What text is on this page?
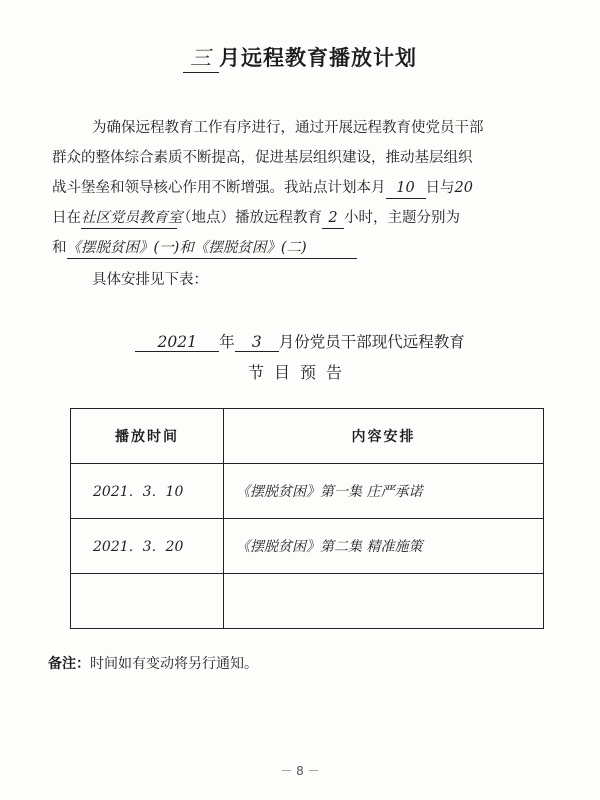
三 月远程教育播放计划
为确保远程教育工作有序进行，通过开展远程教育使党员干部
群众的整体综合素质不断提高，促进基层组织建设，推动基层组织
战斗堡垒和领导核心作用不断增强。我站点计划本月 10 日与20
日在社区党员教育室（地点）播放远程教育 2 小时，主题分别为
和《摆脱贫困》(一)和《摆脱贫困》(二)
具体安排见下表：
2021 年 3 月份党员干部现代远程教育
节目预告
播放时间	内容安排
2021．3．10	《摆脱贫困》第一集 庄严承诺
2021．3．20	《摆脱贫困》第二集 精准施策

备注：时间如有变动将另行通知。
－ 8 －
